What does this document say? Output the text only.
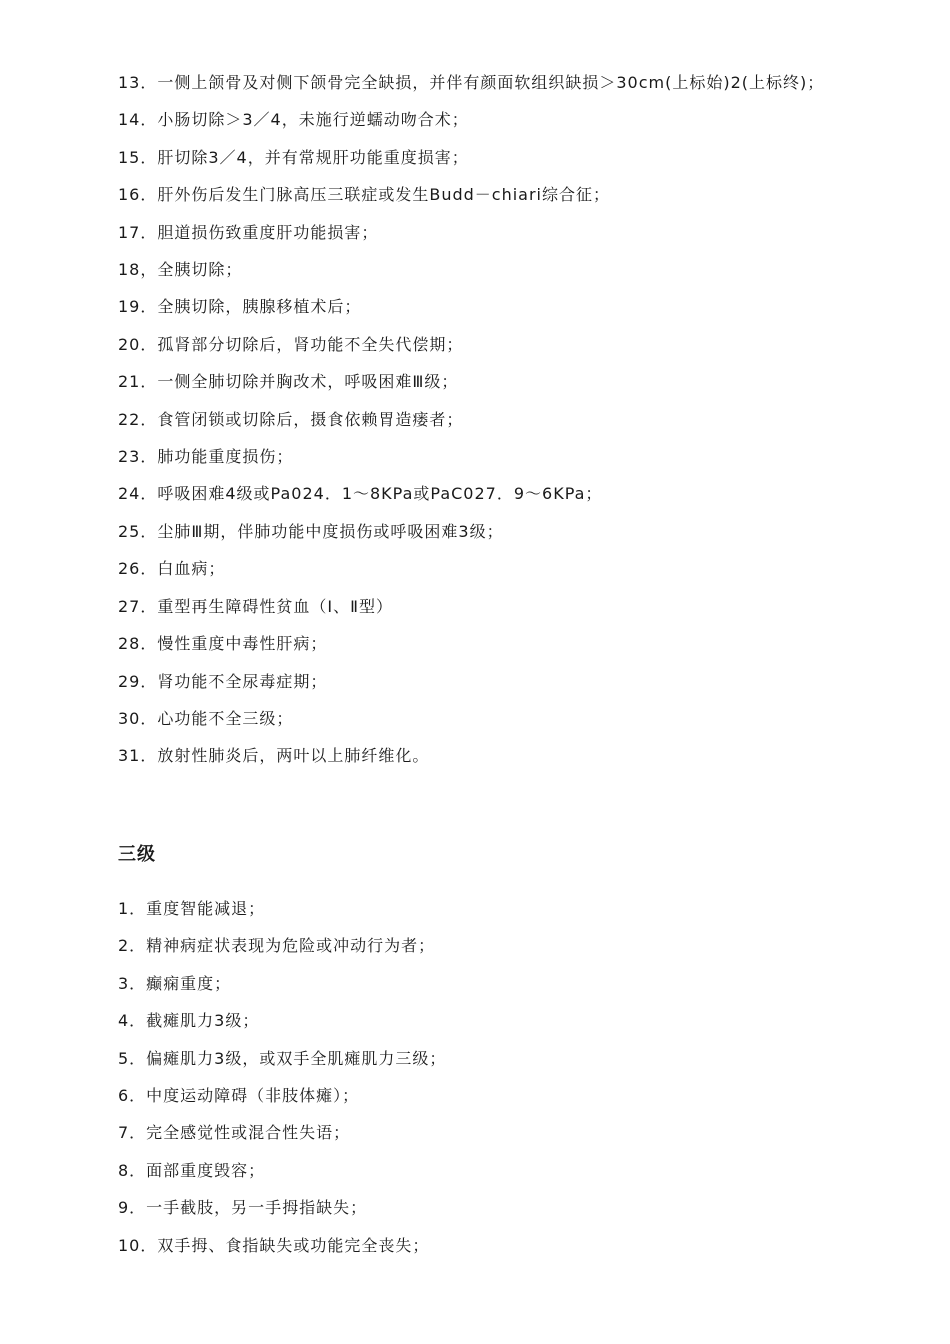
13．一侧上颌骨及对侧下颌骨完全缺损，并伴有颜面软组织缺损＞30cm(上标始)2(上标终)；

14．小肠切除＞3／4，未施行逆蠕动吻合术；

15．肝切除3／4，并有常规肝功能重度损害；

16．肝外伤后发生门脉高压三联症或发生Budd－chiari综合征；

17．胆道损伤致重度肝功能损害；

18，全胰切除；

19．全胰切除，胰腺移植术后；

20．孤肾部分切除后，肾功能不全失代偿期；

21．一侧全肺切除并胸改术，呼吸困难Ⅲ级；

22．食管闭锁或切除后，摄食依赖胃造瘘者；

23．肺功能重度损伤；

24．呼吸困难4级或Pa024．1～8KPa或PaC027．9～6KPa；

25．尘肺Ⅲ期，伴肺功能中度损伤或呼吸困难3级；

26．白血病；

27．重型再生障碍性贫血（Ⅰ、Ⅱ型）

28．慢性重度中毒性肝病；

29．肾功能不全尿毒症期；

30．心功能不全三级；

31．放射性肺炎后，两叶以上肺纤维化。

三级

1．重度智能减退；

2．精神病症状表现为危险或冲动行为者；

3．癫痫重度；

4．截瘫肌力3级；

5．偏瘫肌力3级，或双手全肌瘫肌力三级；

6．中度运动障碍（非肢体瘫）；

7．完全感觉性或混合性失语；

8．面部重度毁容；

9．一手截肢，另一手拇指缺失；

10．双手拇、食指缺失或功能完全丧失；
